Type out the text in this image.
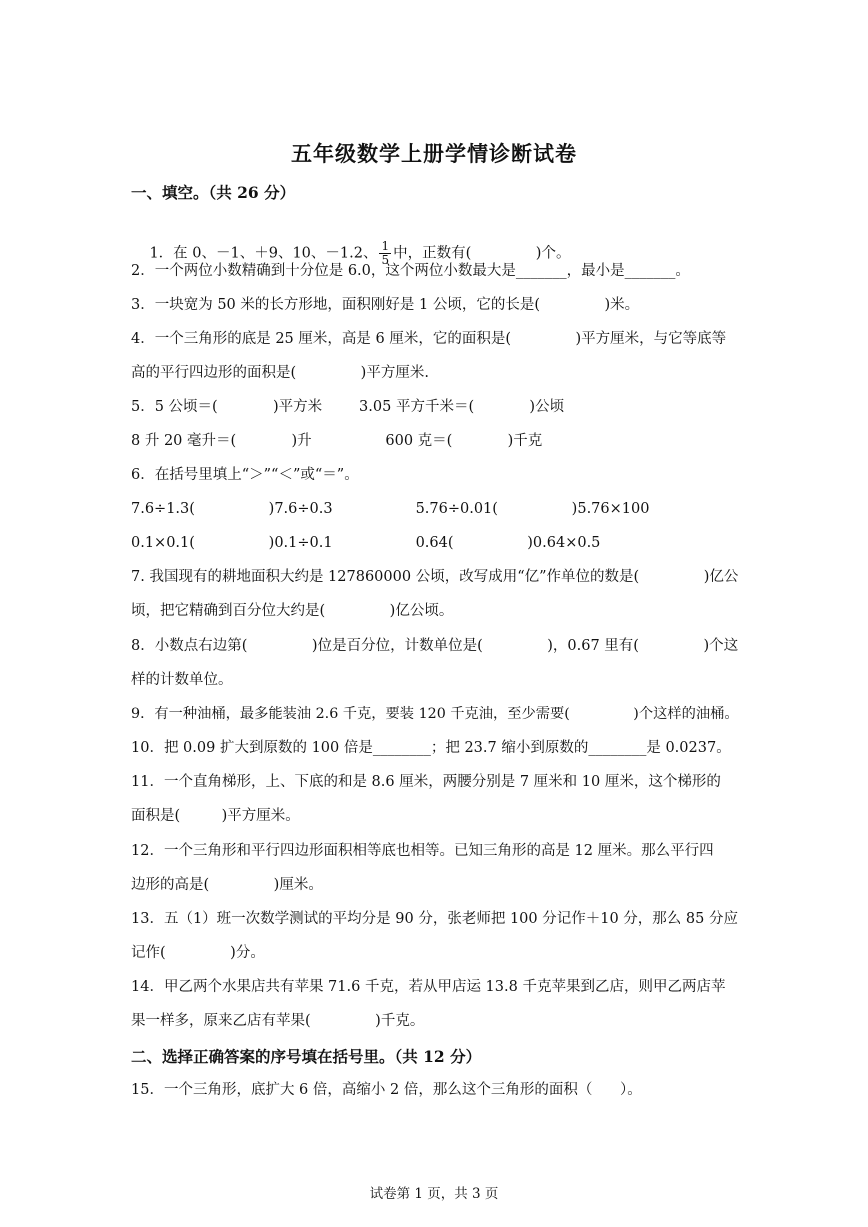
五年级数学上册学情诊断试卷
一、填空。（共 26 分）

1．在 0、－1、＋9、10、－1.2、 $\frac{1}{5}$ 中，正数有(              )个。

2．一个两位小数精确到十分位是 6.0，这个两位小数最大是_______，最小是_______。
3．一块宽为 50 米的长方形地，面积刚好是 1 公顷，它的长是(              )米。
4．一个三角形的底是 25 厘米，高是 6 厘米，它的面积是(              )平方厘米，与它等底等
高的平行四边形的面积是(              )平方厘米.
5．5 公顷＝(            )平方米        3.05 平方千米＝(            )公顷
8 升 20 毫升＝(            )升                600 克＝(            )千克
6．在括号里填上“＞”“＜”或“＝”。
7.6÷1.3(                )7.6÷0.3                  5.76÷0.01(                )5.76×100
0.1×0.1(                )0.1÷0.1                  0.64(                )0.64×0.5
7. 我国现有的耕地面积大约是 127860000 公顷，改写成用“亿”作单位的数是(              )亿公
顷，把它精确到百分位大约是(              )亿公顷。
8．小数点右边第(              )位是百分位，计数单位是(              )，0.67 里有(              )个这
样的计数单位。
9．有一种油桶，最多能装油 2.6 千克，要装 120 千克油，至少需要(              )个这样的油桶。
10．把 0.09 扩大到原数的 100 倍是________；把 23.7 缩小到原数的________是 0.0237。
11．一个直角梯形，上、下底的和是 8.6 厘米，两腰分别是 7 厘米和 10 厘米，这个梯形的
面积是(         )平方厘米。
12．一个三角形和平行四边形面积相等底也相等。已知三角形的高是 12 厘米。那么平行四
边形的高是(              )厘米。
13．五（1）班一次数学测试的平均分是 90 分，张老师把 100 分记作＋10 分，那么 85 分应
记作(              )分。
14．甲乙两个水果店共有苹果 71.6 千克，若从甲店运 13.8 千克苹果到乙店，则甲乙两店苹
果一样多，原来乙店有苹果(              )千克。
二、选择正确答案的序号填在括号里。（共 12 分）
15．一个三角形，底扩大 6 倍，高缩小 2 倍，那么这个三角形的面积（      ）。
试卷第 1 页，共 3 页
